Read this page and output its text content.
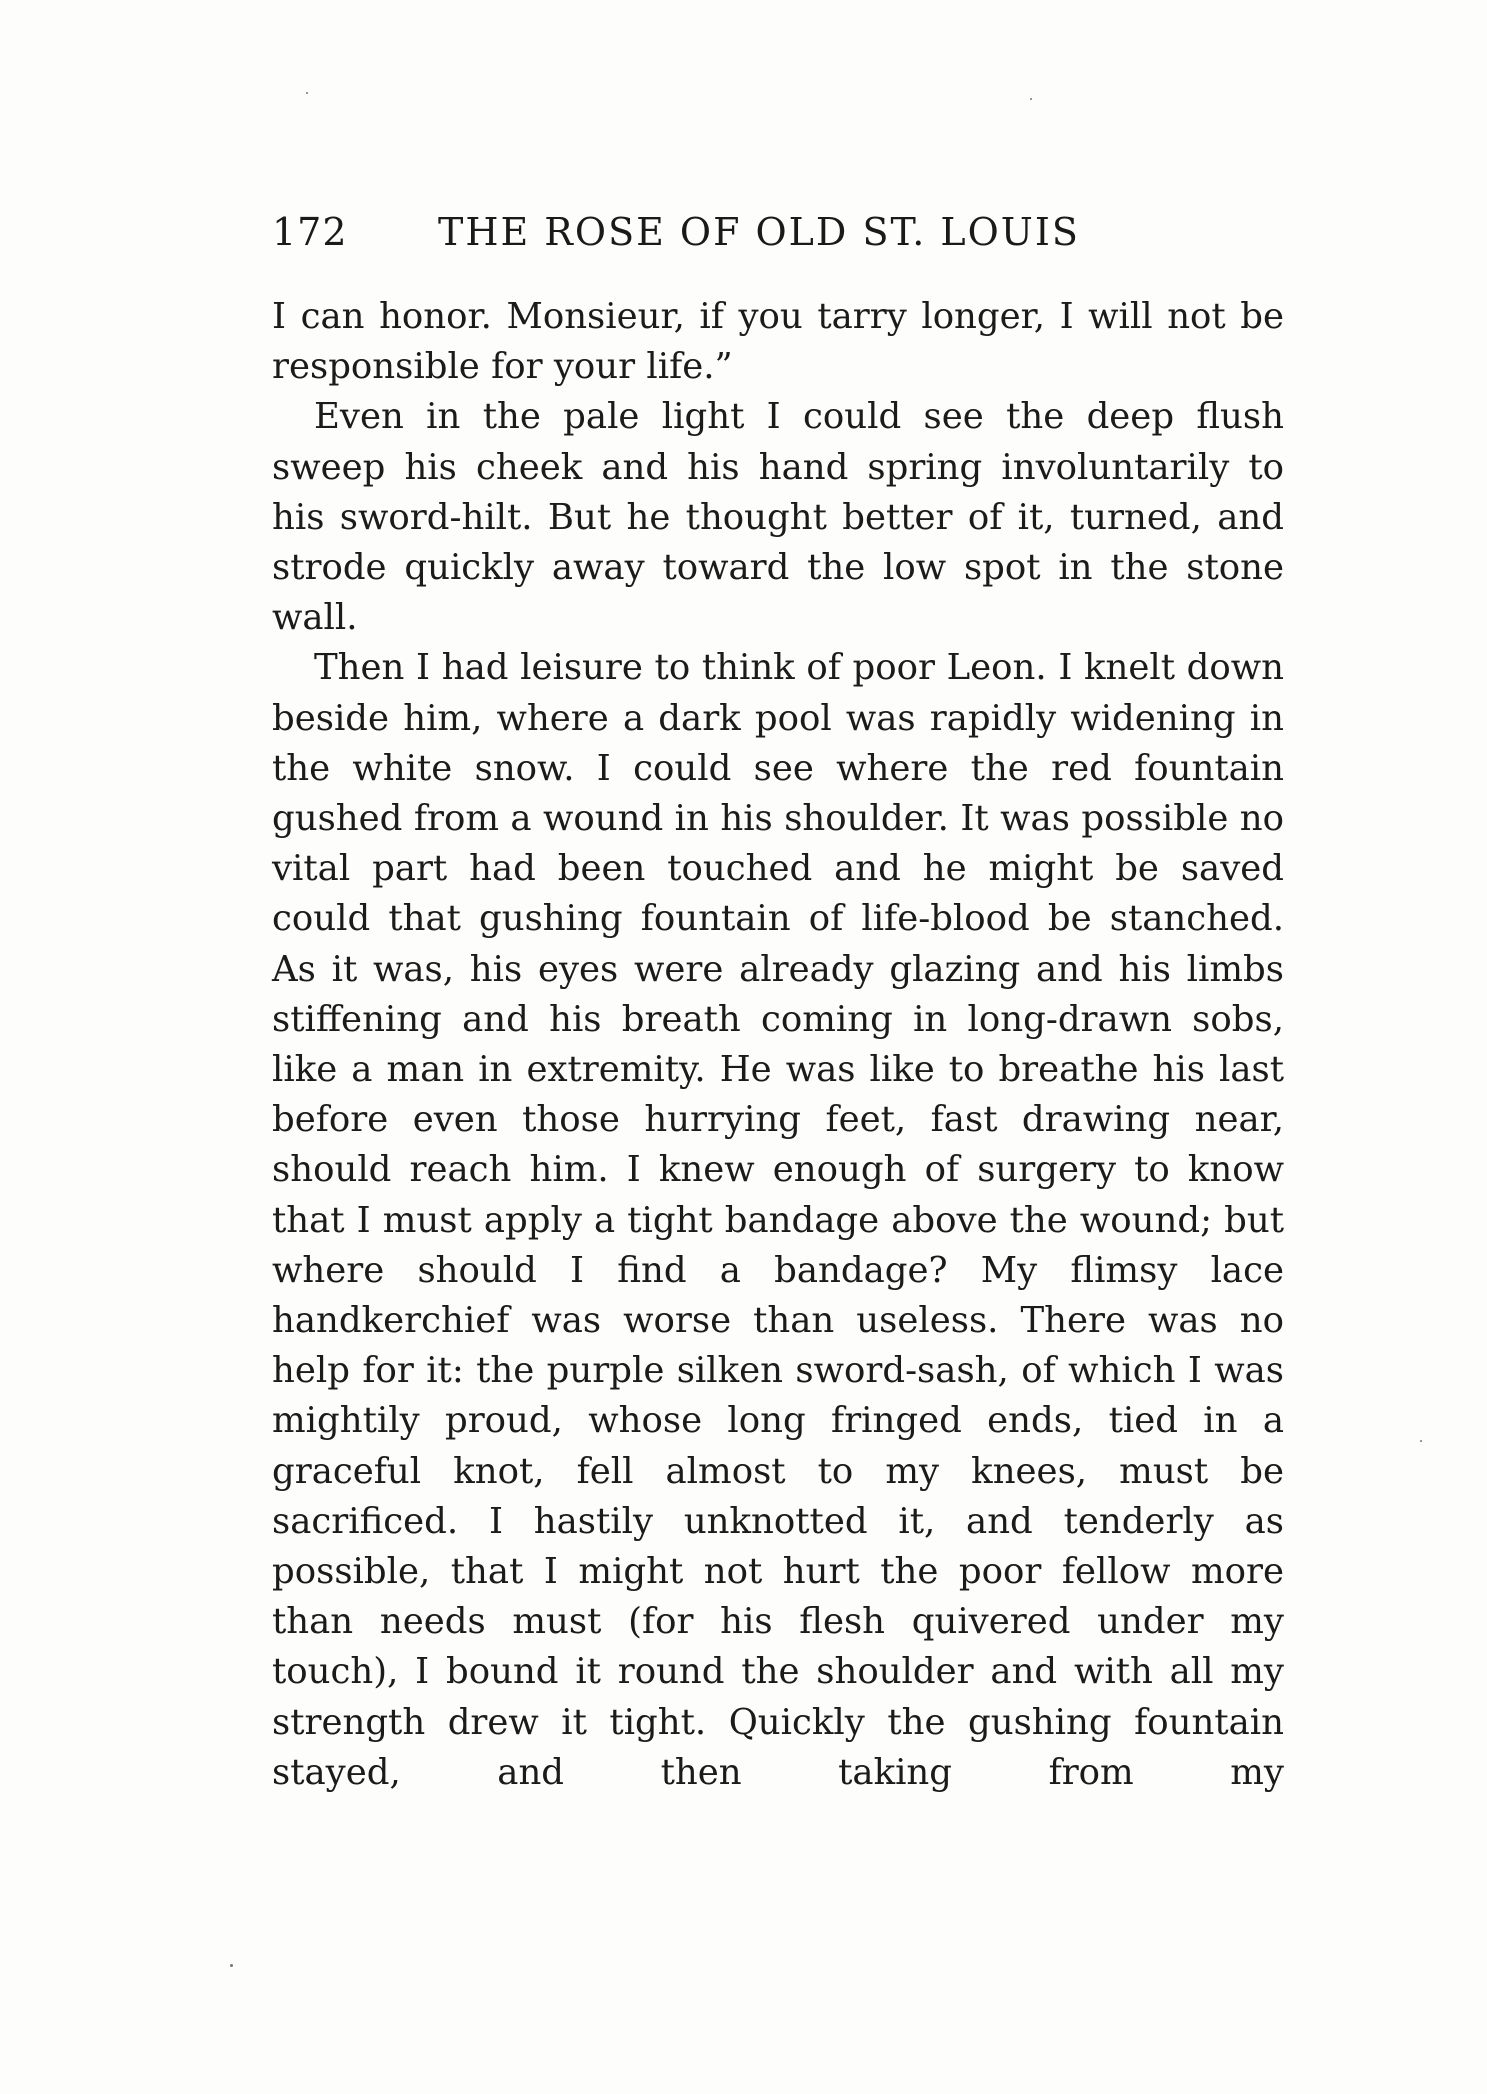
172 THE ROSE OF OLD ST. LOUIS

I can honor. Monsieur, if you tarry longer, I will not be responsible for your life.”

Even in the pale light I could see the deep flush sweep his cheek and his hand spring involuntarily to his sword-hilt. But he thought better of it, turned, and strode quickly away toward the low spot in the stone wall.

Then I had leisure to think of poor Leon. I knelt down beside him, where a dark pool was rapidly widening in the white snow. I could see where the red fountain gushed from a wound in his shoulder. It was possible no vital part had been touched and he might be saved could that gushing fountain of life-blood be stanched. As it was, his eyes were already glazing and his limbs stiffening and his breath coming in long-drawn sobs, like a man in extremity. He was like to breathe his last before even those hurrying feet, fast drawing near, should reach him. I knew enough of surgery to know that I must apply a tight bandage above the wound; but where should I find a bandage? My flimsy lace handkerchief was worse than useless. There was no help for it: the purple silken sword-sash, of which I was mightily proud, whose long fringed ends, tied in a graceful knot, fell almost to my knees, must be sacrificed. I hastily unknotted it, and tenderly as possible, that I might not hurt the poor fellow more than needs must (for his flesh quivered under my touch), I bound it round the shoulder and with all my strength drew it tight. Quickly the gushing fountain stayed, and then taking from my
